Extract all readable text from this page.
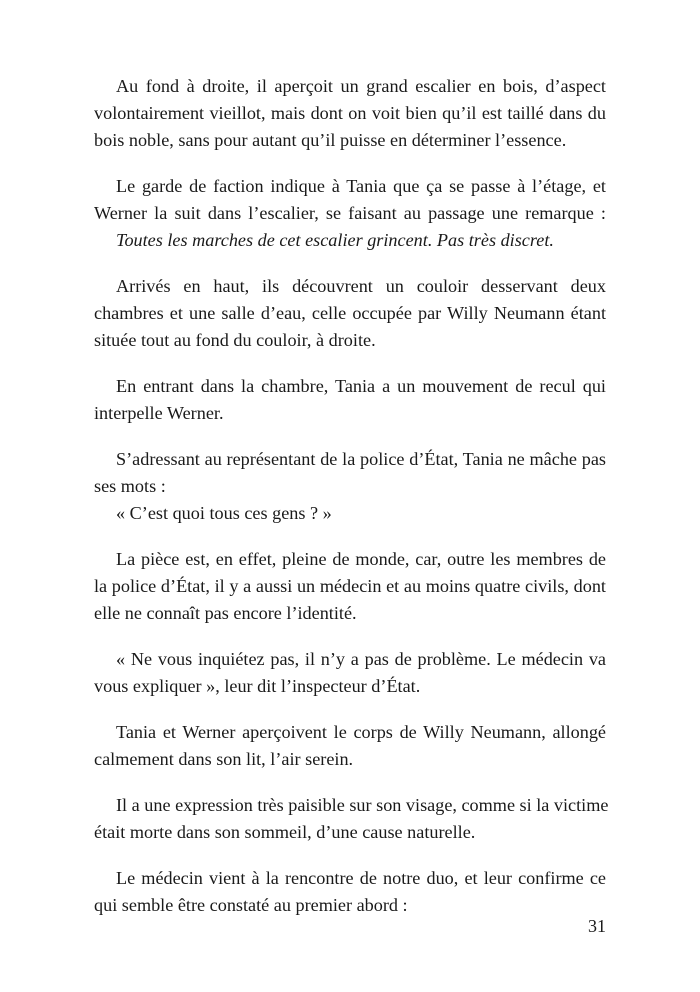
Au fond à droite, il aperçoit un grand escalier en bois, d’aspect
volontairement vieillot, mais dont on voit bien qu’il est taillé dans du
bois noble, sans pour autant qu’il puisse en déterminer l’essence.
Le garde de faction indique à Tania que ça se passe à l’étage, et
Werner la suit dans l’escalier, se faisant au passage une remarque :
Toutes les marches de cet escalier grincent. Pas très discret.
Arrivés en haut, ils découvrent un couloir desservant deux
chambres et une salle d’eau, celle occupée par Willy Neumann étant
située tout au fond du couloir, à droite.
En entrant dans la chambre, Tania a un mouvement de recul qui
interpelle Werner.
S’adressant au représentant de la police d’État, Tania ne mâche pas
ses mots :
« C’est quoi tous ces gens ? »
La pièce est, en effet, pleine de monde, car, outre les membres de
la police d’État, il y a aussi un médecin et au moins quatre civils, dont
elle ne connaît pas encore l’identité.
« Ne vous inquiétez pas, il n’y a pas de problème. Le médecin va
vous expliquer », leur dit l’inspecteur d’État.
Tania et Werner aperçoivent le corps de Willy Neumann, allongé
calmement dans son lit, l’air serein.
Il a une expression très paisible sur son visage, comme si la victime
était morte dans son sommeil, d’une cause naturelle.
Le médecin vient à la rencontre de notre duo, et leur confirme ce
qui semble être constaté au premier abord :
31
